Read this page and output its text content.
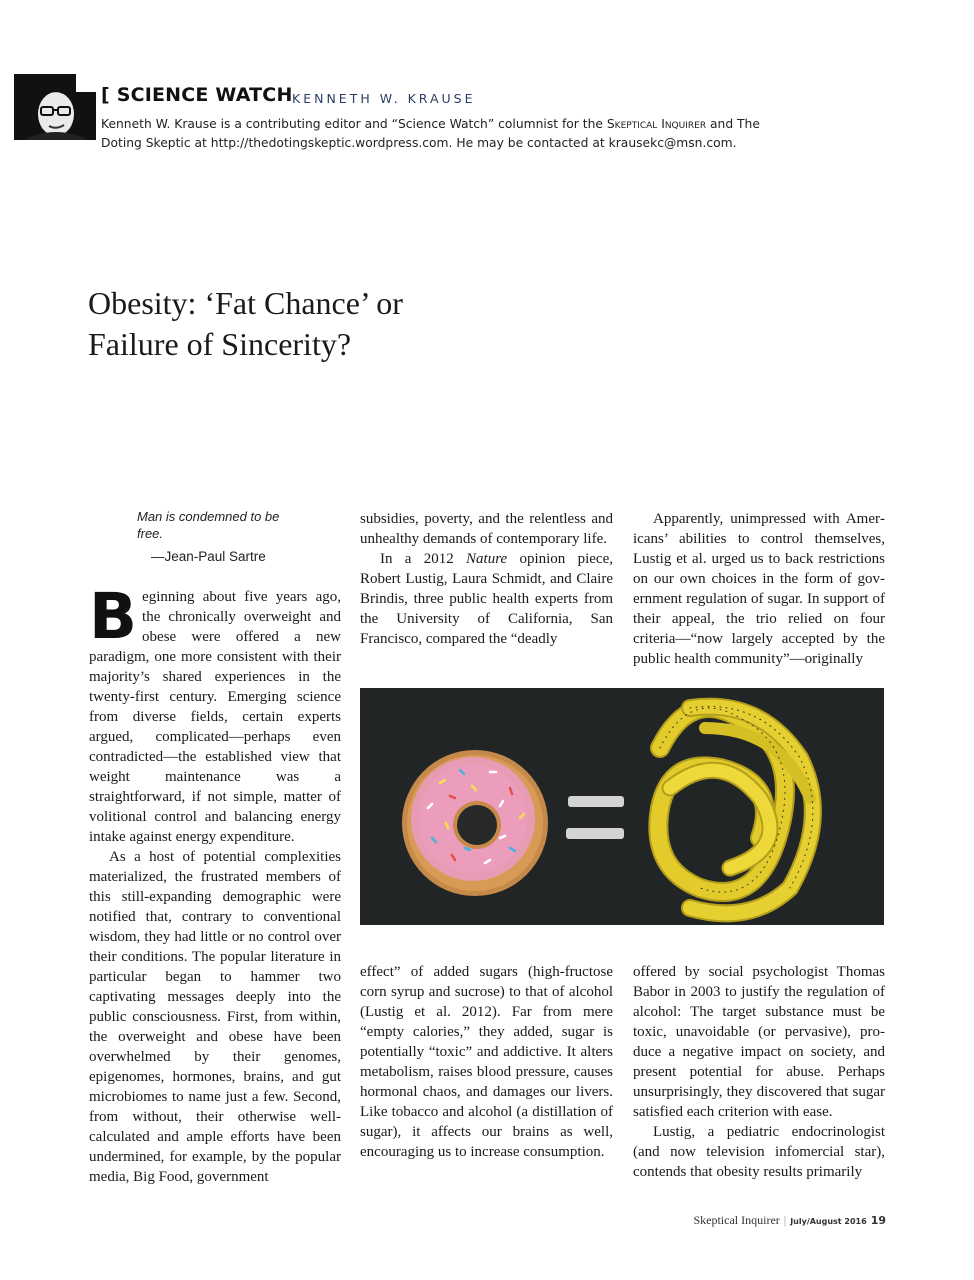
[ SCIENCE WATCH KENNETH W. KRAUSE
Kenneth W. Krause is a contributing editor and “Science Watch” columnist for the Skeptical Inquirer and The Doting Skeptic at http://thedotingskeptic.wordpress.com. He may be contacted at krausekc@msn.com.
Obesity: ‘Fat Chance’ or
Failure of Sincerity?
Man is condemned to be free.
—Jean-Paul Sartre

Beginning about five years ago, the chronically overweight and obese were offered a new paradigm, one more consistent with their majority’s shared experiences in the twenty-first century. Emerging science from diverse fields, certain experts argued, complicated—perhaps even contradicted—the established view that weight maintenance was a straightforward, if not simple, matter of volitional control and balancing energy intake against energy expenditure.

As a host of potential complexities materialized, the frustrated members of this still-expanding demographic were notified that, contrary to conventional wisdom, they had little or no control over their conditions. The popular literature in particular began to hammer two captivating messages deeply into the public consciousness. First, from within, the overweight and obese have been overwhelmed by their genomes, epigenomes, hormones, brains, and gut microbiomes to name just a few. Second, from without, their otherwise well-calculated and ample efforts have been undermined, for example, by the popular media, Big Food, government

subsidies, poverty, and the relentless and unhealthy demands of contemporary life.

In a 2012 Nature opinion piece, Robert Lustig, Laura Schmidt, and Claire Brindis, three public health experts from the University of California, San Francisco, compared the “deadly

Apparently, unimpressed with Americans’ abilities to control themselves, Lustig et al. urged us to back restrictions on our own choices in the form of government regulation of sugar. In support of their appeal, the trio relied on four criteria—“now largely accepted by the public health community”—originally

effect” of added sugars (high-fructose corn syrup and sucrose) to that of alcohol (Lustig et al. 2012). Far from mere “empty calories,” they added, sugar is potentially “toxic” and addictive. It alters metabolism, raises blood pressure, causes hormonal chaos, and damages our livers. Like tobacco and alcohol (a distillation of sugar), it affects our brains as well, encouraging us to increase consumption.

offered by social psychologist Thomas Babor in 2003 to justify the regulation of alcohol: The target substance must be toxic, unavoidable (or pervasive), produce a negative impact on society, and present potential for abuse. Perhaps unsurprisingly, they discovered that sugar satisfied each criterion with ease.

Lustig, a pediatric endocrinologist (and now television infomercial star), contends that obesity results primarily

Skeptical Inquirer | July/August 2016 19
